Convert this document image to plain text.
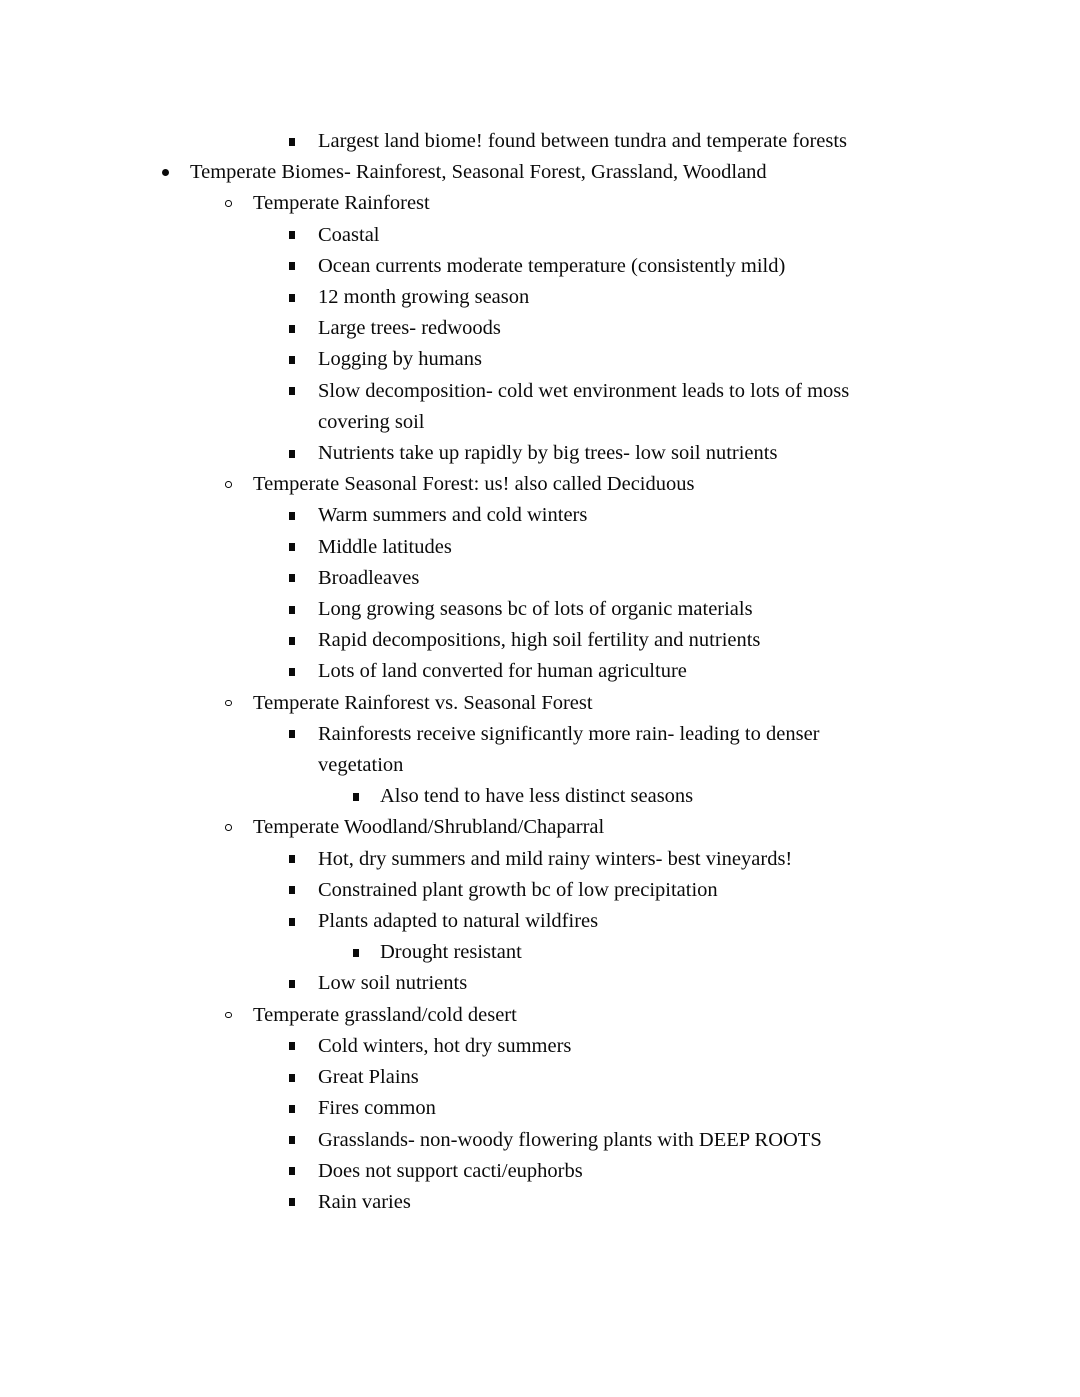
Largest land biome! found between tundra and temperate forests
Temperate Biomes- Rainforest, Seasonal Forest, Grassland, Woodland
Temperate Rainforest
Coastal
Ocean currents moderate temperature (consistently mild)
12 month growing season
Large trees- redwoods
Logging by humans
Slow decomposition- cold wet environment leads to lots of moss covering soil
Nutrients take up rapidly by big trees- low soil nutrients
Temperate Seasonal Forest: us! also called Deciduous
Warm summers and cold winters
Middle latitudes
Broadleaves
Long growing seasons bc of lots of organic materials
Rapid decompositions, high soil fertility and nutrients
Lots of land converted for human agriculture
Temperate Rainforest vs. Seasonal Forest
Rainforests receive significantly more rain- leading to denser vegetation
Also tend to have less distinct seasons
Temperate Woodland/Shrubland/Chaparral
Hot, dry summers and mild rainy winters- best vineyards!
Constrained plant growth bc of low precipitation
Plants adapted to natural wildfires
Drought resistant
Low soil nutrients
Temperate grassland/cold desert
Cold winters, hot dry summers
Great Plains
Fires common
Grasslands- non-woody flowering plants with DEEP ROOTS
Does not support cacti/euphorbs
Rain varies
